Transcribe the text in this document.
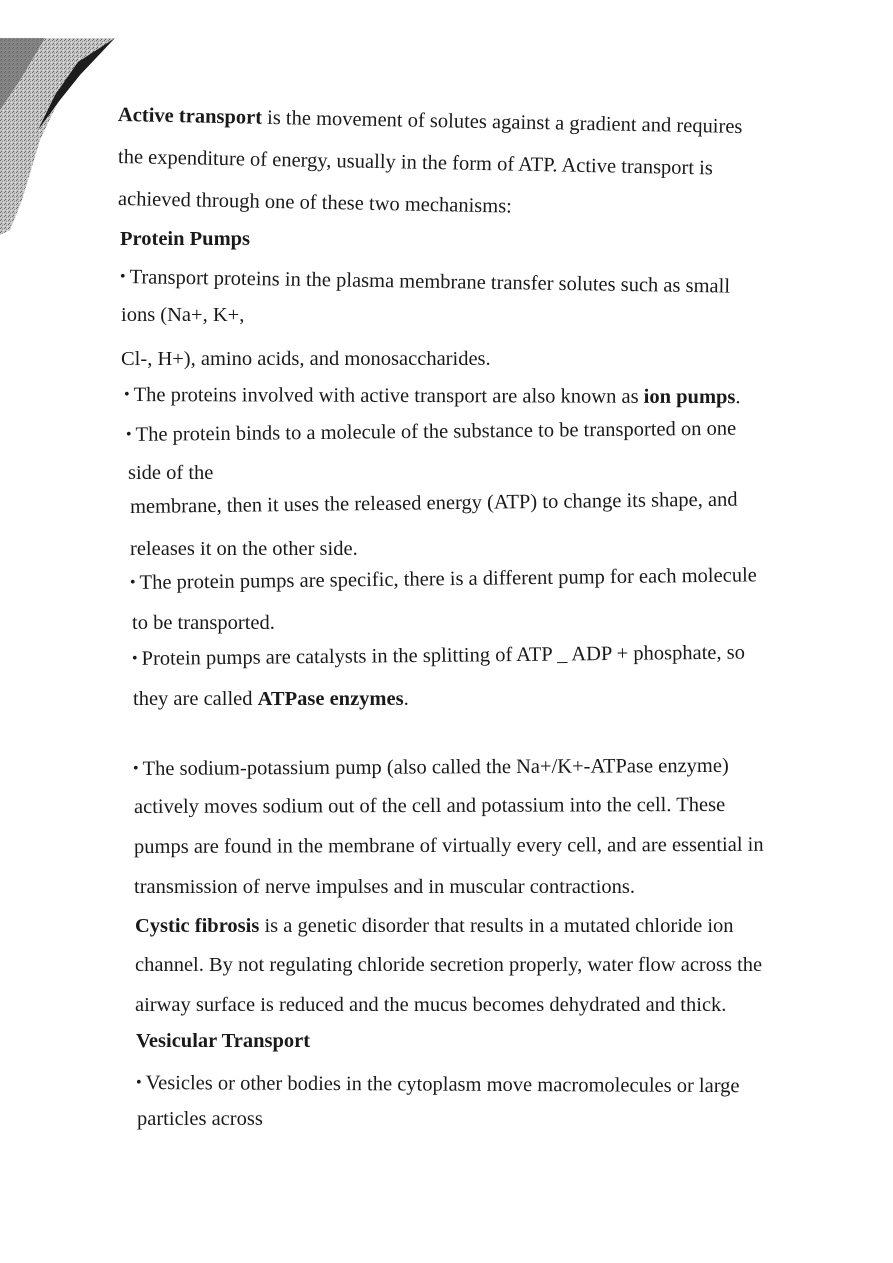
Active transport is the movement of solutes against a gradient and requires
the expenditure of energy, usually in the form of ATP. Active transport is
achieved through one of these two mechanisms:
Protein Pumps
• Transport proteins in the plasma membrane transfer solutes such as small
ions (Na+, K+,
Cl-, H+), amino acids, and monosaccharides.
• The proteins involved with active transport are also known as ion pumps.
• The protein binds to a molecule of the substance to be transported on one
side of the
membrane, then it uses the released energy (ATP) to change its shape, and
releases it on the other side.
• The protein pumps are specific, there is a different pump for each molecule
to be transported.
• Protein pumps are catalysts in the splitting of ATP _ ADP + phosphate, so
they are called ATPase enzymes.
• The sodium-potassium pump (also called the Na+/K+-ATPase enzyme)
actively moves sodium out of the cell and potassium into the cell. These
pumps are found in the membrane of virtually every cell, and are essential in
transmission of nerve impulses and in muscular contractions.
Cystic fibrosis is a genetic disorder that results in a mutated chloride ion
channel. By not regulating chloride secretion properly, water flow across the
airway surface is reduced and the mucus becomes dehydrated and thick.
Vesicular Transport
• Vesicles or other bodies in the cytoplasm move macromolecules or large
particles across
